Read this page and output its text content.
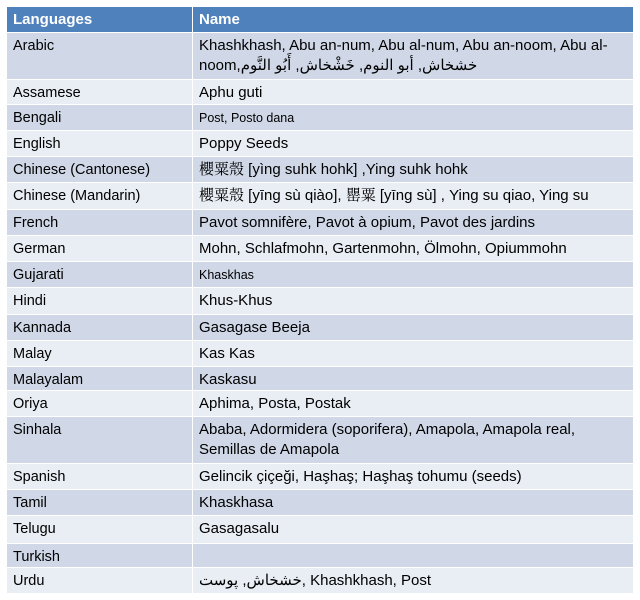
Languages	Name
Arabic	Khashkhash, Abu an-num, Abu al-num, Abu an-noom, Abu al-noom,خشخاش, أبو النوم, خَشْخاش, أَبُو النَّوم
Assamese	Aphu guti
Bengali	Post, Posto dana
English	Poppy Seeds
Chinese (Cantonese)	櫻粟殼 [yìng suhk hohk] ,Ying suhk hohk
Chinese (Mandarin)	櫻粟殼 [yīng sù qiào], 罌粟 [yīng sù] , Ying su qiao, Ying su
French	Pavot somnifère, Pavot à opium, Pavot des jardins
German	Mohn, Schlafmohn, Gartenmohn, Ölmohn, Opiummohn
Gujarati	Khaskhas
Hindi	Khus-Khus
Kannada	Gasagase Beeja
Malay	Kas Kas
Malayalam	Kaskasu
Oriya	Aphima, Posta, Postak
Sinhala	Ababa, Adormidera (soporifera), Amapola, Amapola real, Semillas de Amapola
Spanish	Gelincik çiçeği, Haşhaş; Haşhaş tohumu (seeds)
Tamil	Khaskhasa
Telugu	Gasagasalu
Turkish	
Urdu	خشخاش, پوست, Khashkhash, Post
